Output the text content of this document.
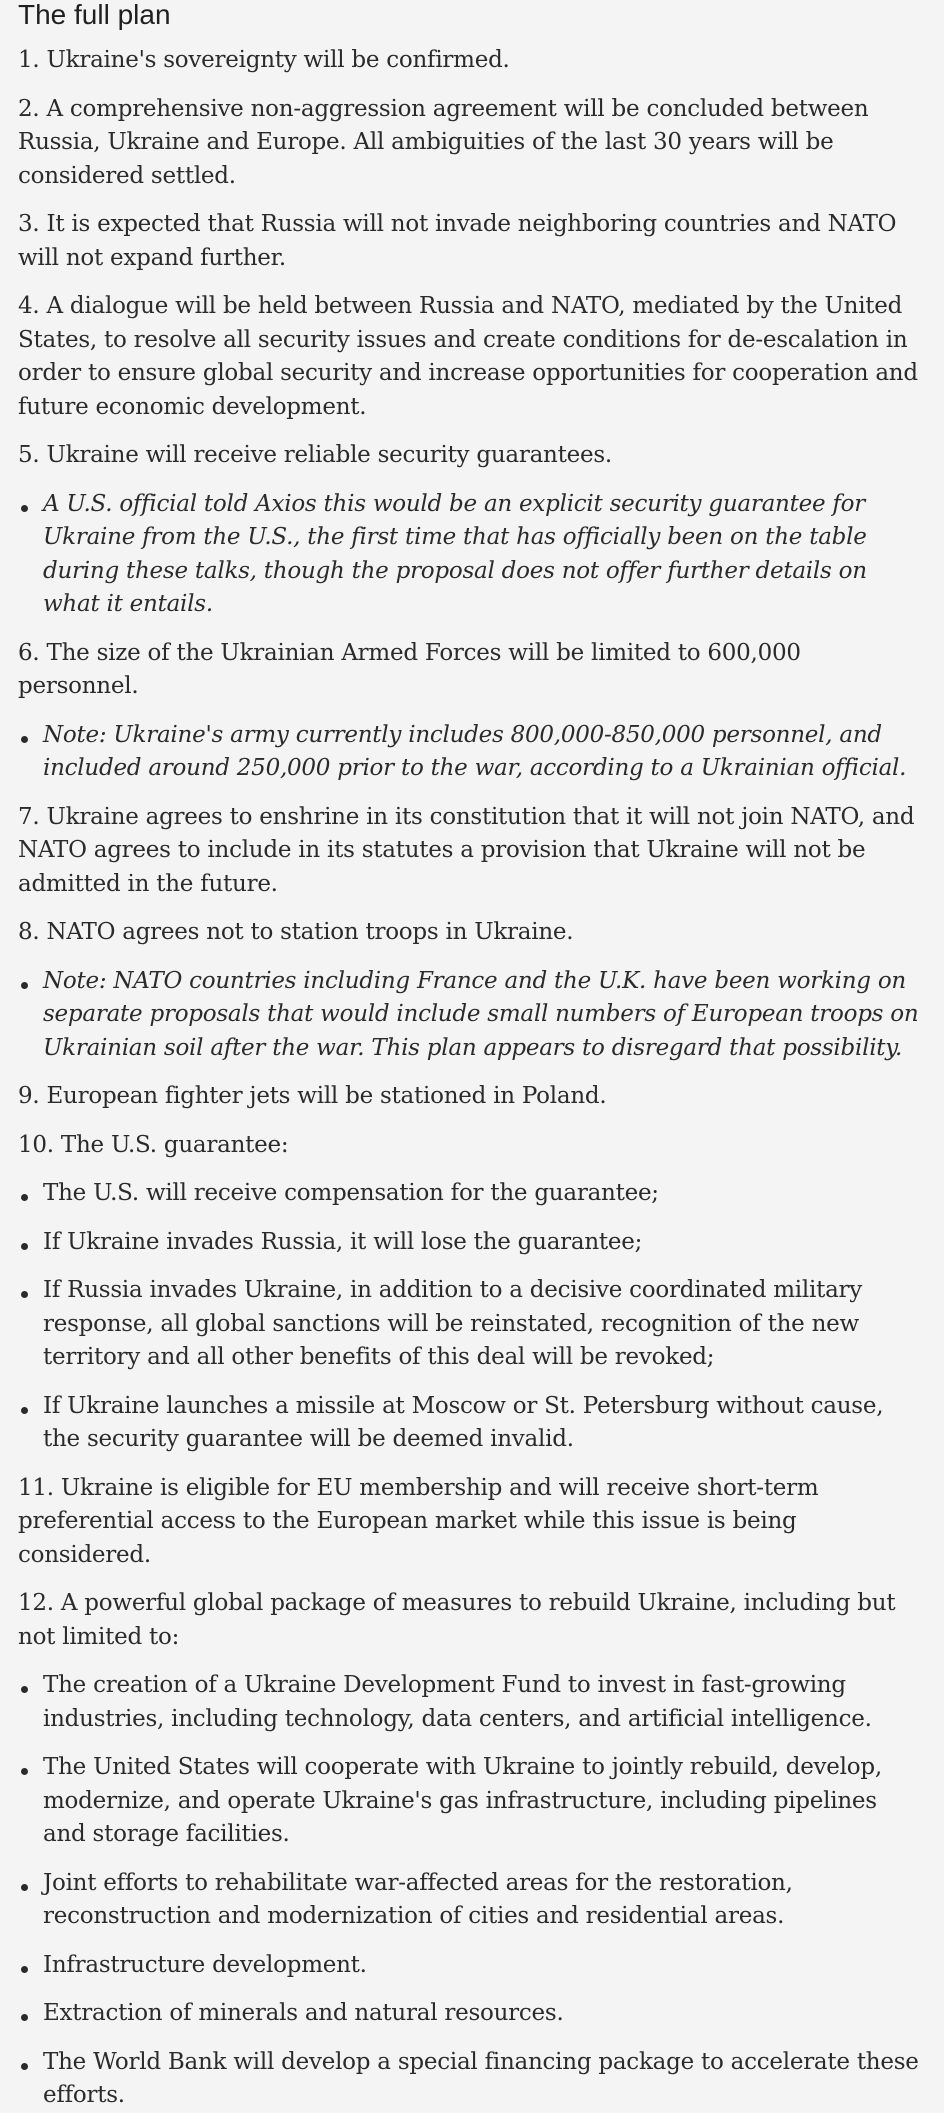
The full plan

1. Ukraine's sovereignty will be confirmed.

2. A comprehensive non-aggression agreement will be concluded between Russia, Ukraine and Europe. All ambiguities of the last 30 years will be considered settled.

3. It is expected that Russia will not invade neighboring countries and NATO will not expand further.

4. A dialogue will be held between Russia and NATO, mediated by the United States, to resolve all security issues and create conditions for de-escalation in order to ensure global security and increase opportunities for cooperation and future economic development.

5. Ukraine will receive reliable security guarantees.

A U.S. official told Axios this would be an explicit security guarantee for Ukraine from the U.S., the first time that has officially been on the table during these talks, though the proposal does not offer further details on what it entails.

6. The size of the Ukrainian Armed Forces will be limited to 600,000 personnel.

Note: Ukraine's army currently includes 800,000-850,000 personnel, and included around 250,000 prior to the war, according to a Ukrainian official.

7. Ukraine agrees to enshrine in its constitution that it will not join NATO, and NATO agrees to include in its statutes a provision that Ukraine will not be admitted in the future.

8. NATO agrees not to station troops in Ukraine.

Note: NATO countries including France and the U.K. have been working on separate proposals that would include small numbers of European troops on Ukrainian soil after the war. This plan appears to disregard that possibility.

9. European fighter jets will be stationed in Poland.

10. The U.S. guarantee:

The U.S. will receive compensation for the guarantee;

If Ukraine invades Russia, it will lose the guarantee;

If Russia invades Ukraine, in addition to a decisive coordinated military response, all global sanctions will be reinstated, recognition of the new territory and all other benefits of this deal will be revoked;

If Ukraine launches a missile at Moscow or St. Petersburg without cause, the security guarantee will be deemed invalid.

11. Ukraine is eligible for EU membership and will receive short-term preferential access to the European market while this issue is being considered.

12. A powerful global package of measures to rebuild Ukraine, including but not limited to:

The creation of a Ukraine Development Fund to invest in fast-growing industries, including technology, data centers, and artificial intelligence.

The United States will cooperate with Ukraine to jointly rebuild, develop, modernize, and operate Ukraine's gas infrastructure, including pipelines and storage facilities.

Joint efforts to rehabilitate war-affected areas for the restoration, reconstruction and modernization of cities and residential areas.

Infrastructure development.

Extraction of minerals and natural resources.

The World Bank will develop a special financing package to accelerate these efforts.
